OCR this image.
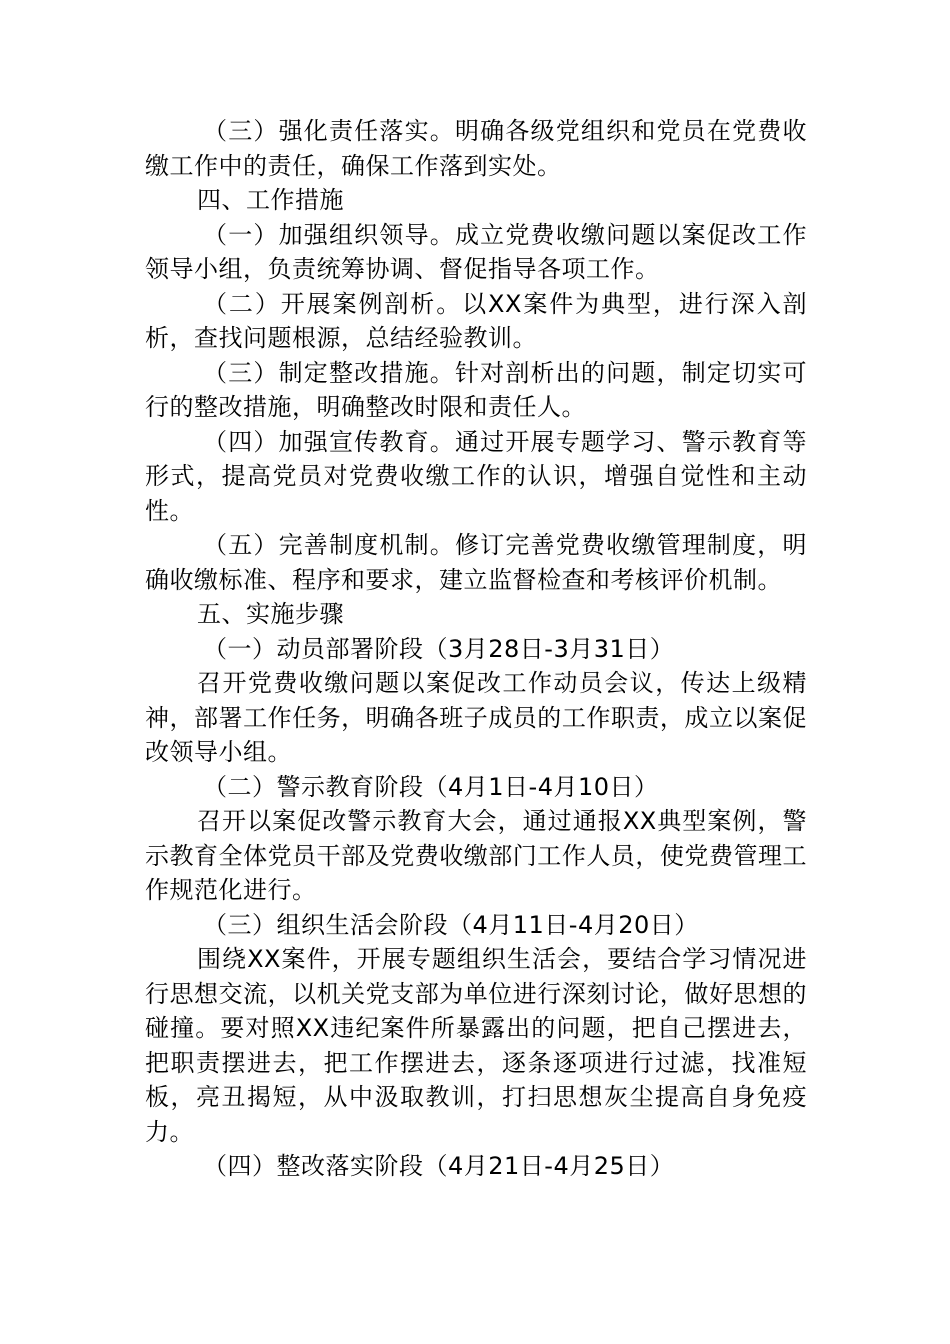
（三）强化责任落实。明确各级党组织和党员在党费收缴工作中的责任，确保工作落到实处。

四、工作措施

（一）加强组织领导。成立党费收缴问题以案促改工作领导小组，负责统筹协调、督促指导各项工作。

（二）开展案例剖析。以XX案件为典型，进行深入剖析，查找问题根源，总结经验教训。

（三）制定整改措施。针对剖析出的问题，制定切实可行的整改措施，明确整改时限和责任人。

（四）加强宣传教育。通过开展专题学习、警示教育等形式，提高党员对党费收缴工作的认识，增强自觉性和主动性。

（五）完善制度机制。修订完善党费收缴管理制度，明确收缴标准、程序和要求，建立监督检查和考核评价机制。

五、实施步骤

（一）动员部署阶段（3月28日-3月31日）

召开党费收缴问题以案促改工作动员会议，传达上级精神，部署工作任务，明确各班子成员的工作职责，成立以案促改领导小组。

（二）警示教育阶段（4月1日-4月10日）

召开以案促改警示教育大会，通过通报XX典型案例，警示教育全体党员干部及党费收缴部门工作人员，使党费管理工作规范化进行。

（三）组织生活会阶段（4月11日-4月20日）

围绕XX案件，开展专题组织生活会，要结合学习情况进行思想交流，以机关党支部为单位进行深刻讨论，做好思想的碰撞。要对照XX违纪案件所暴露出的问题，把自己摆进去，把职责摆进去，把工作摆进去，逐条逐项进行过滤，找准短板，亮丑揭短，从中汲取教训，打扫思想灰尘提高自身免疫力。

（四）整改落实阶段（4月21日-4月25日）
